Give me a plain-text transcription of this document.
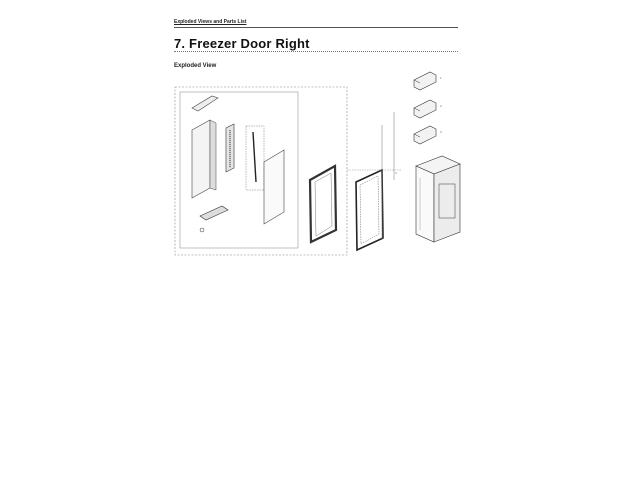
Exploded Views and Parts List
7. Freezer Door Right
Exploded View
1
2
3
4
